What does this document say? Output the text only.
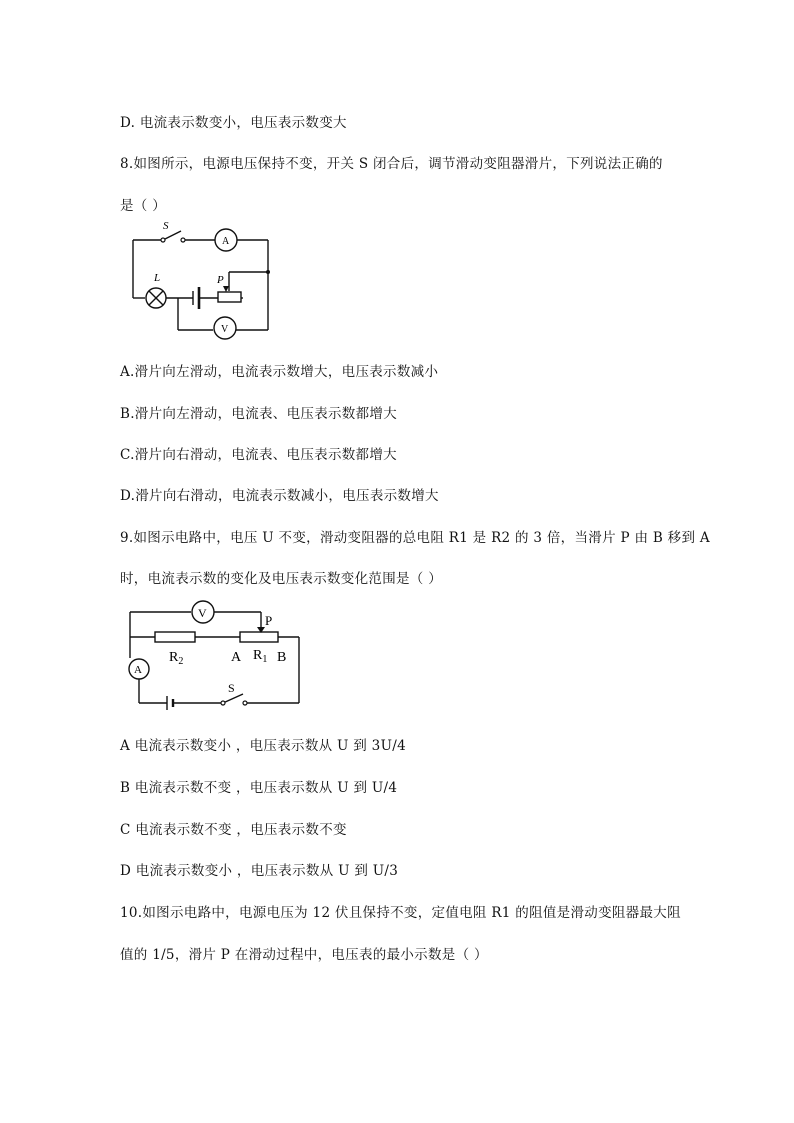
D. 电流表示数变小，电压表示数变大
8.如图所示，电源电压保持不变，开关 S 闭合后，调节滑动变阻器滑片，下列说法正确的
是（ ）
S
A
L	P
V
A.滑片向左滑动，电流表示数增大，电压表示数减小
B.滑片向左滑动，电流表、电压表示数都增大
C.滑片向右滑动，电流表、电压表示数都增大
D.滑片向右滑动，电流表示数减小，电压表示数增大
9.如图示电路中，电压 U 不变，滑动变阻器的总电阻 R1 是 R2 的 3 倍，当滑片 P 由 B 移到 A
时，电流表示数的变化及电压表示数变化范围是（ ）
V	P
A
$R_2$	A $R_1$ B
S
A 电流表示数变小 ，电压表示数从 U 到 3U/4
B 电流表示数不变 ，电压表示数从 U 到 U/4
C 电流表示数不变 ，电压表示数不变
D 电流表示数变小 ，电压表示数从 U 到 U/3
10.如图示电路中，电源电压为 12 伏且保持不变，定值电阻 R1 的阻值是滑动变阻器最大阻
值的 1/5，滑片 P 在滑动过程中，电压表的最小示数是（ ）
